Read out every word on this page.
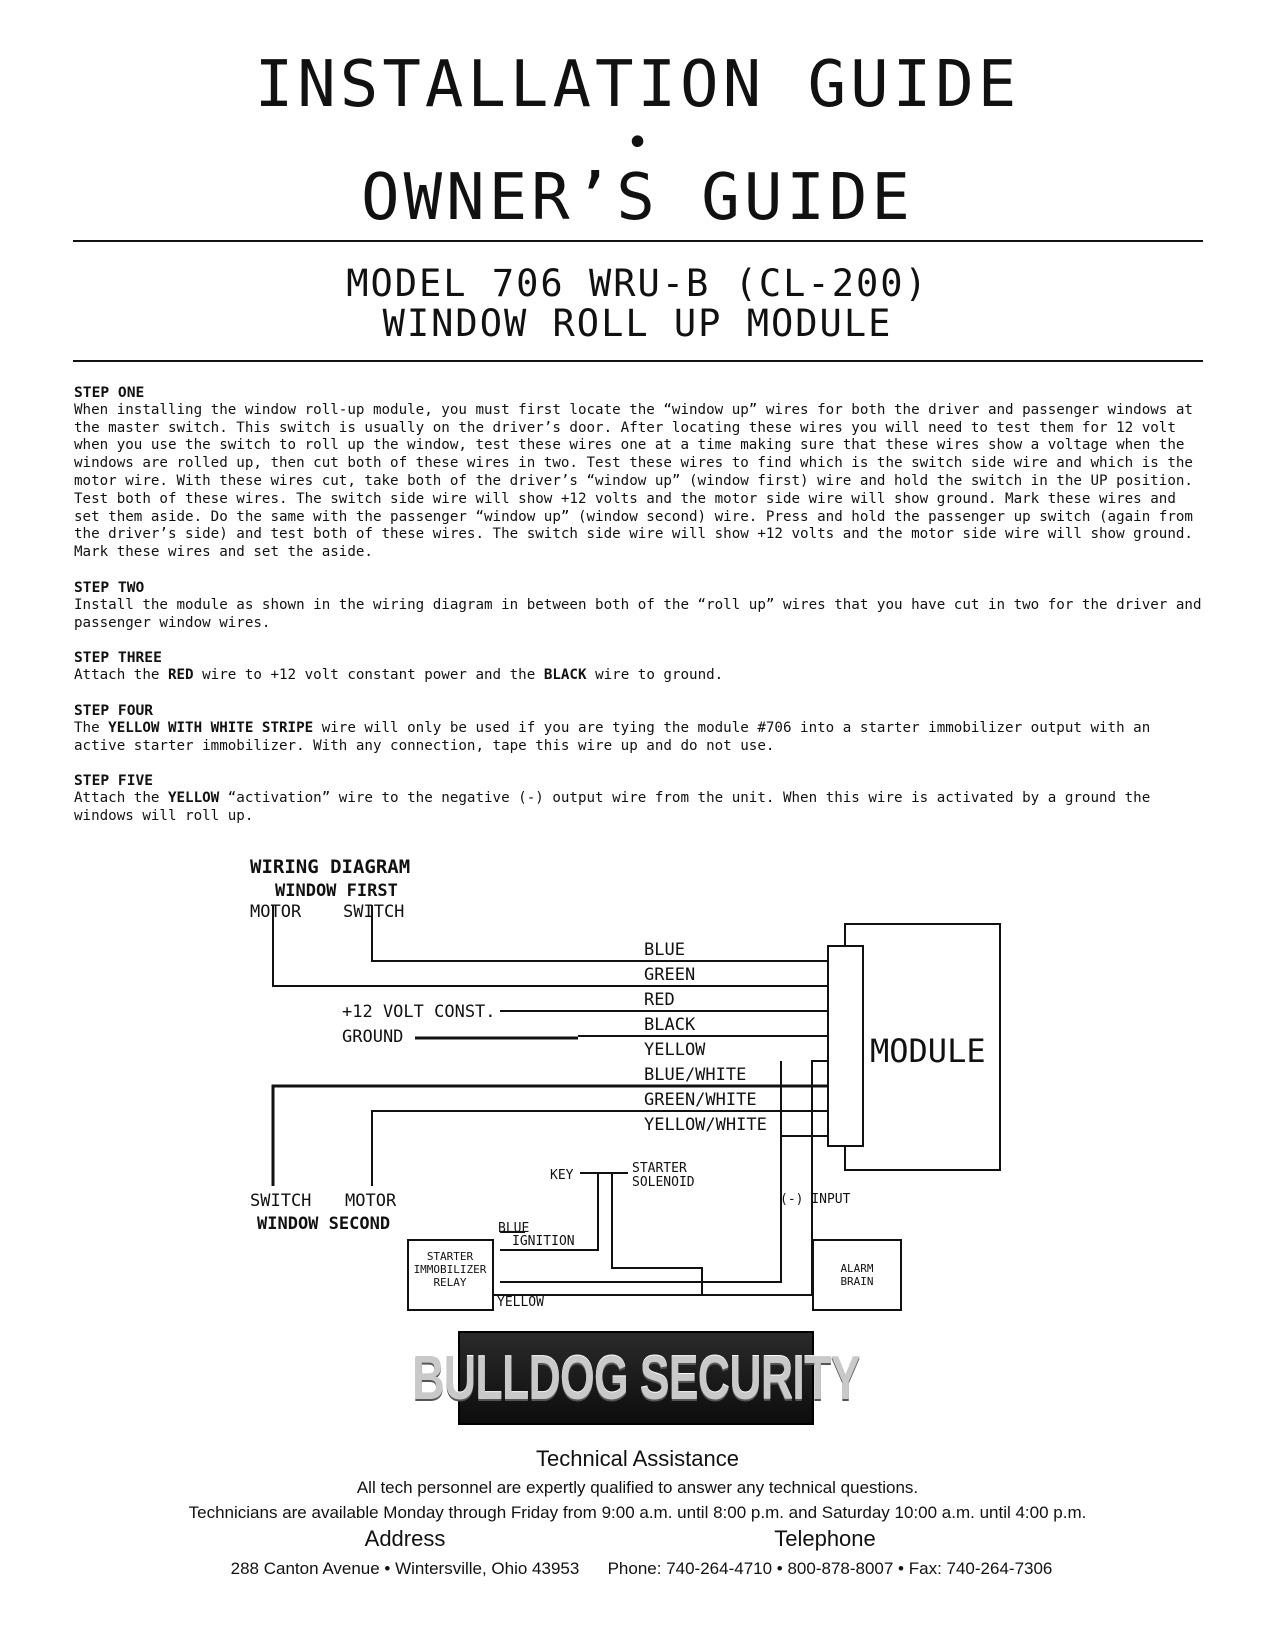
INSTALLATION GUIDE
•
OWNER’S GUIDE
MODEL 706 WRU-B (CL-200)
WINDOW ROLL UP MODULE
STEP ONE
When installing the window roll-up module, you must first locate the “window up” wires for both the driver and passenger windows at the master switch. This switch is usually on the driver’s door. After locating these wires you will need to test them for 12 volt when you use the switch to roll up the window, test these wires one at a time making sure that these wires show a voltage when the windows are rolled up, then cut both of these wires in two. Test these wires to find which is the switch side wire and which is the motor wire. With these wires cut, take both of the driver’s “window up” (window first) wire and hold the switch in the UP position. Test both of these wires. The switch side wire will show +12 volts and the motor side wire will show ground. Mark these wires and set them aside. Do the same with the passenger “window up” (window second) wire. Press and hold the passenger up switch (again from the driver’s side) and test both of these wires. The switch side wire will show +12 volts and the motor side wire will show ground. Mark these wires and set the aside.
STEP TWO
Install the module as shown in the wiring diagram in between both of the “roll up” wires that you have cut in two for the driver and passenger window wires.
STEP THREE
Attach the RED wire to +12 volt constant power and the BLACK wire to ground.
STEP FOUR
The YELLOW WITH WHITE STRIPE wire will only be used if you are tying the module #706 into a starter immobilizer output with an active starter immobilizer. With any connection, tape this wire up and do not use.
STEP FIVE
Attach the YELLOW “activation” wire to the negative (-) output wire from the unit. When this wire is activated by a ground the windows will roll up.
WIRING DIAGRAM
WINDOW FIRST
MOTOR SWITCH
BLUE
GREEN
RED
BLACK
YELLOW
BLUE/WHITE
GREEN/WHITE
YELLOW/WHITE
+12 VOLT CONST.
GROUND	MODULE
SWITCH MOTOR
WINDOW SECOND
KEY	STARTER
SOLENOID
(-) INPUT
BLUE
IGNITION
STARTER
IMMOBILIZER
RELAY
YELLOW
ALARM
BRAIN
BULLDOG SECURITY
Technical Assistance
All tech personnel are expertly qualified to answer any technical questions.
Technicians are available Monday through Friday from 9:00 a.m. until 8:00 p.m. and Saturday 10:00 a.m. until 4:00 p.m.
Address
288 Canton Avenue • Wintersville, Ohio 43953
Telephone
Phone: 740-264-4710 • 800-878-8007 • Fax: 740-264-7306
